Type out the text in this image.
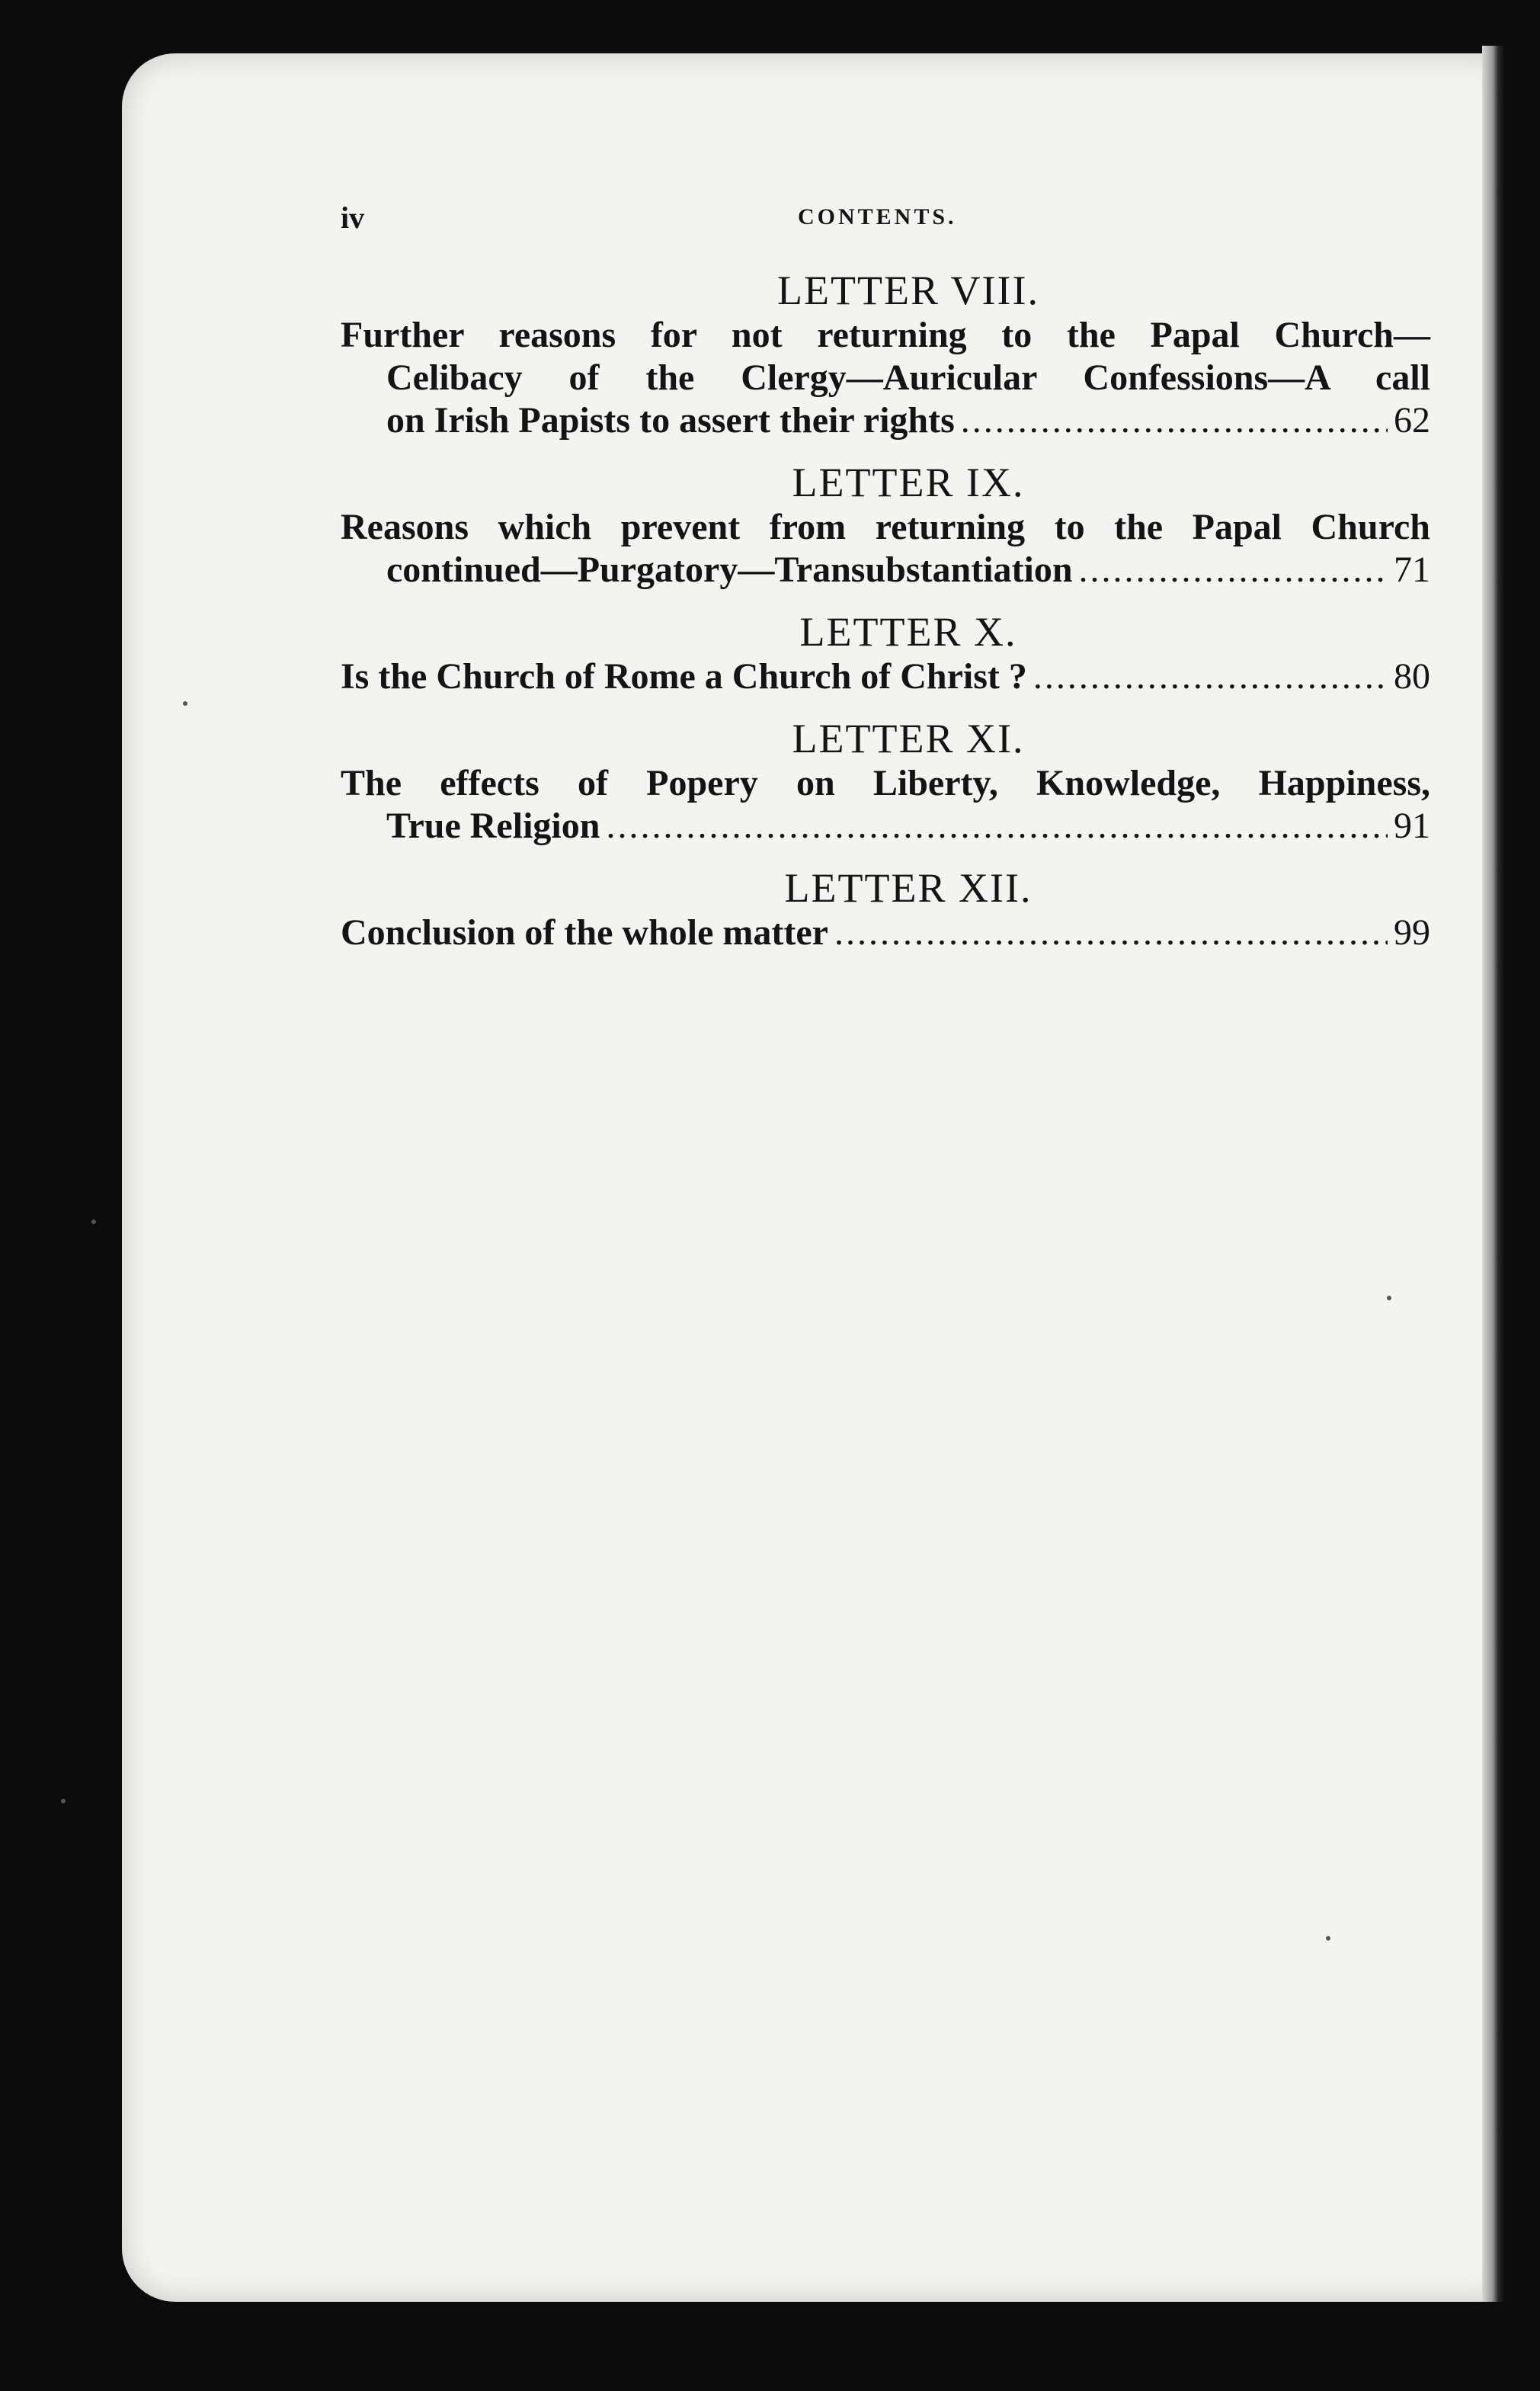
iv	CONTENTS.
LETTER VIII.
Further reasons for not returning to the Papal Church—
Celibacy of the Clergy—Auricular Confessions—A call
on Irish Papists to assert their rights .....	62
LETTER IX.
Reasons which prevent from returning to the Papal Church
continued—Purgatory—Transubstantiation .....	71
LETTER X.
Is the Church of Rome a Church of Christ ? .....	80
LETTER XI.
The effects of Popery on Liberty, Knowledge, Happiness,
True Religion .....	91
LETTER XII.
Conclusion of the whole matter .....	99
